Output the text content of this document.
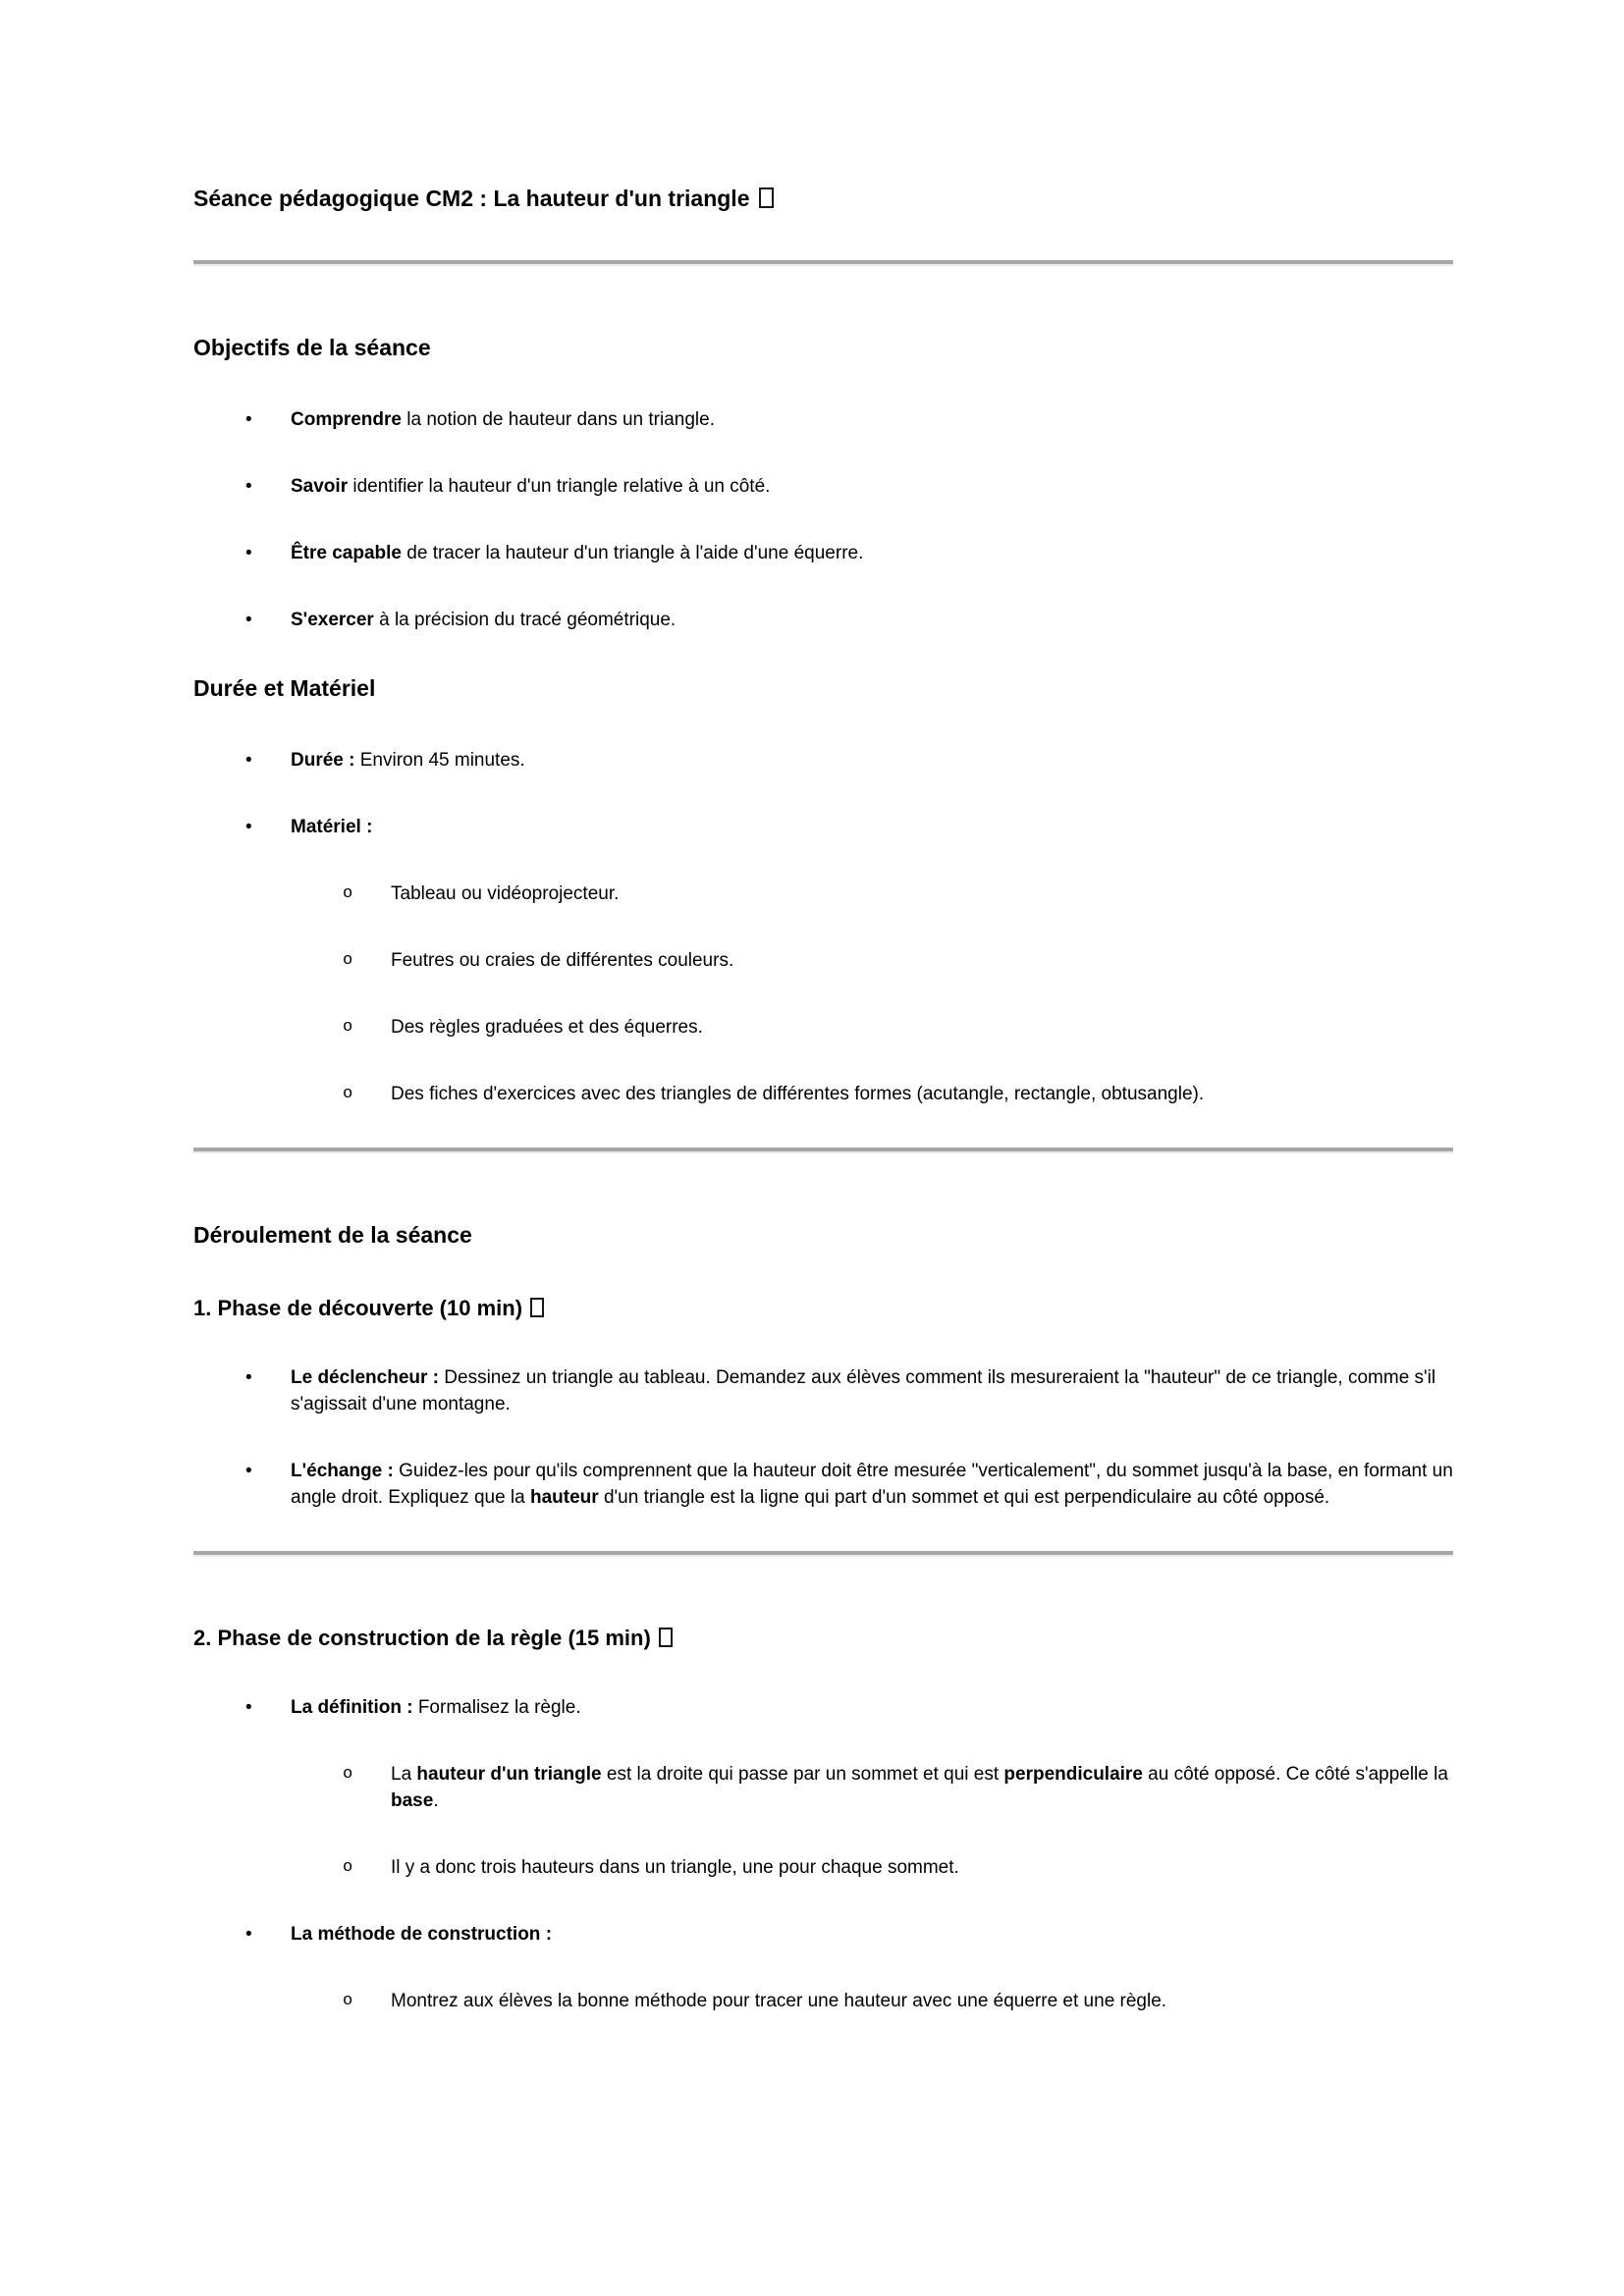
Séance pédagogique CM2 : La hauteur d'un triangle
Objectifs de la séance
• Comprendre la notion de hauteur dans un triangle.
• Savoir identifier la hauteur d'un triangle relative à un côté.
• Être capable de tracer la hauteur d'un triangle à l'aide d'une équerre.
• S'exercer à la précision du tracé géométrique.
Durée et Matériel
• Durée : Environ 45 minutes.
• Matériel :
o Tableau ou vidéoprojecteur.
o Feutres ou craies de différentes couleurs.
o Des règles graduées et des équerres.
o Des fiches d'exercices avec des triangles de différentes formes (acutangle, rectangle, obtusangle).
Déroulement de la séance
1. Phase de découverte (10 min)
• Le déclencheur : Dessinez un triangle au tableau. Demandez aux élèves comment ils mesureraient la "hauteur" de ce triangle, comme s'il s'agissait d'une montagne.
• L'échange : Guidez-les pour qu'ils comprennent que la hauteur doit être mesurée "verticalement", du sommet jusqu'à la base, en formant un angle droit. Expliquez que la hauteur d'un triangle est la ligne qui part d'un sommet et qui est perpendiculaire au côté opposé.
2. Phase de construction de la règle (15 min)
• La définition : Formalisez la règle.
o La hauteur d'un triangle est la droite qui passe par un sommet et qui est perpendiculaire au côté opposé. Ce côté s'appelle la base.
o Il y a donc trois hauteurs dans un triangle, une pour chaque sommet.
• La méthode de construction :
o Montrez aux élèves la bonne méthode pour tracer une hauteur avec une équerre et une règle.
